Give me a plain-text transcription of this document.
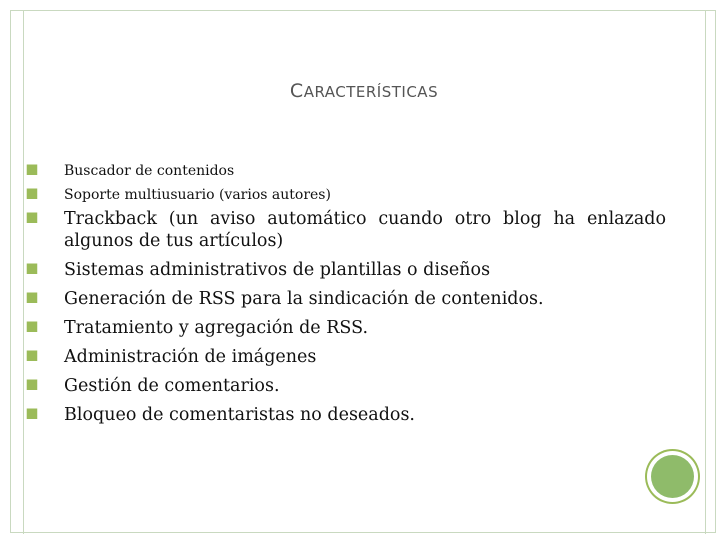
CARACTERÍSTICAS
⯀ Buscador de contenidos
⯀ Soporte multiusuario (varios autores)
⯀ Trackback (un aviso automático cuando otro blog ha enlazado algunos de tus artículos)
⯀ Sistemas administrativos de plantillas o diseños
⯀ Generación de RSS para la sindicación de contenidos.
⯀ Tratamiento y agregación de RSS.
⯀ Administración de imágenes
⯀ Gestión de comentarios.
⯀ Bloqueo de comentaristas no deseados.
